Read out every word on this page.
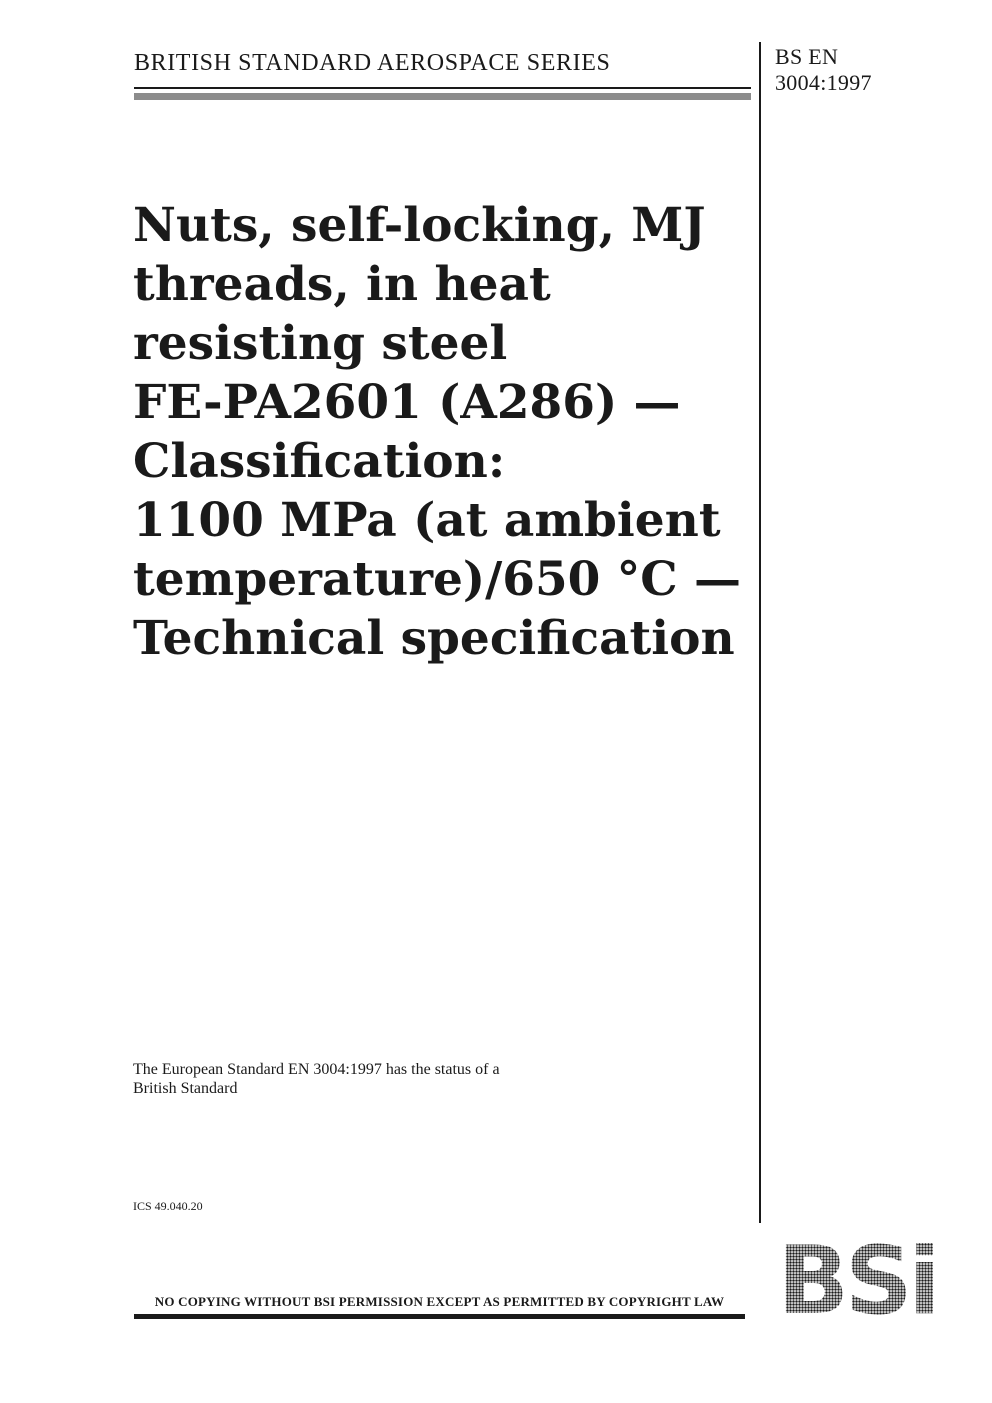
BRITISH STANDARD AEROSPACE SERIES	BS EN
3004:1997
Nuts, self-locking, MJ
threads, in heat
resisting steel
FE-PA2601 (A286) —
Classification:
1100 MPa (at ambient
temperature)/650 °C —
Technical specification
The European Standard EN 3004:1997 has the status of a
British Standard
ICS 49.040.20
NO COPYING WITHOUT BSI PERMISSION EXCEPT AS PERMITTED BY COPYRIGHT LAW
